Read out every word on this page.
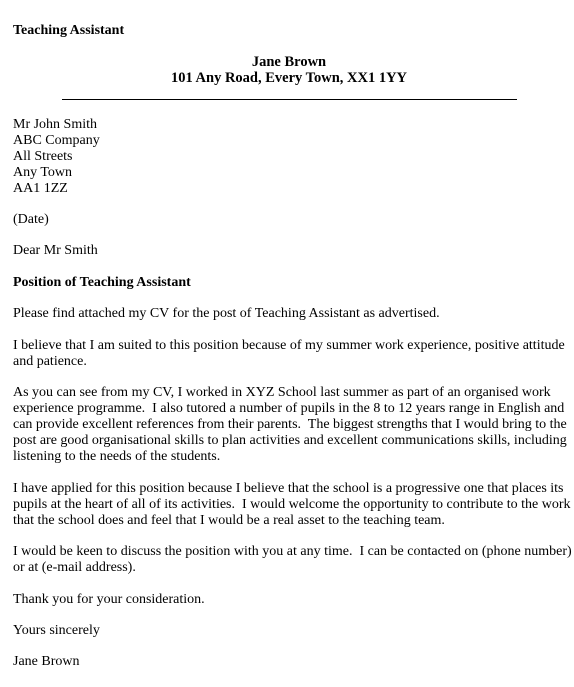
Teaching Assistant
Jane Brown
101 Any Road, Every Town, XX1 1YY
Mr John Smith
ABC Company
All Streets
Any Town
AA1 1ZZ
(Date)
Dear Mr Smith
Position of Teaching Assistant
Please find attached my CV for the post of Teaching Assistant as advertised.
I believe that I am suited to this position because of my summer work experience, positive attitude
and patience.
As you can see from my CV, I worked in XYZ School last summer as part of an organised work
experience programme.  I also tutored a number of pupils in the 8 to 12 years range in English and
can provide excellent references from their parents.  The biggest strengths that I would bring to the
post are good organisational skills to plan activities and excellent communications skills, including
listening to the needs of the students.
I have applied for this position because I believe that the school is a progressive one that places its
pupils at the heart of all of its activities.  I would welcome the opportunity to contribute to the work
that the school does and feel that I would be a real asset to the teaching team.
I would be keen to discuss the position with you at any time.  I can be contacted on (phone number)
or at (e-mail address).
Thank you for your consideration.
Yours sincerely
Jane Brown
